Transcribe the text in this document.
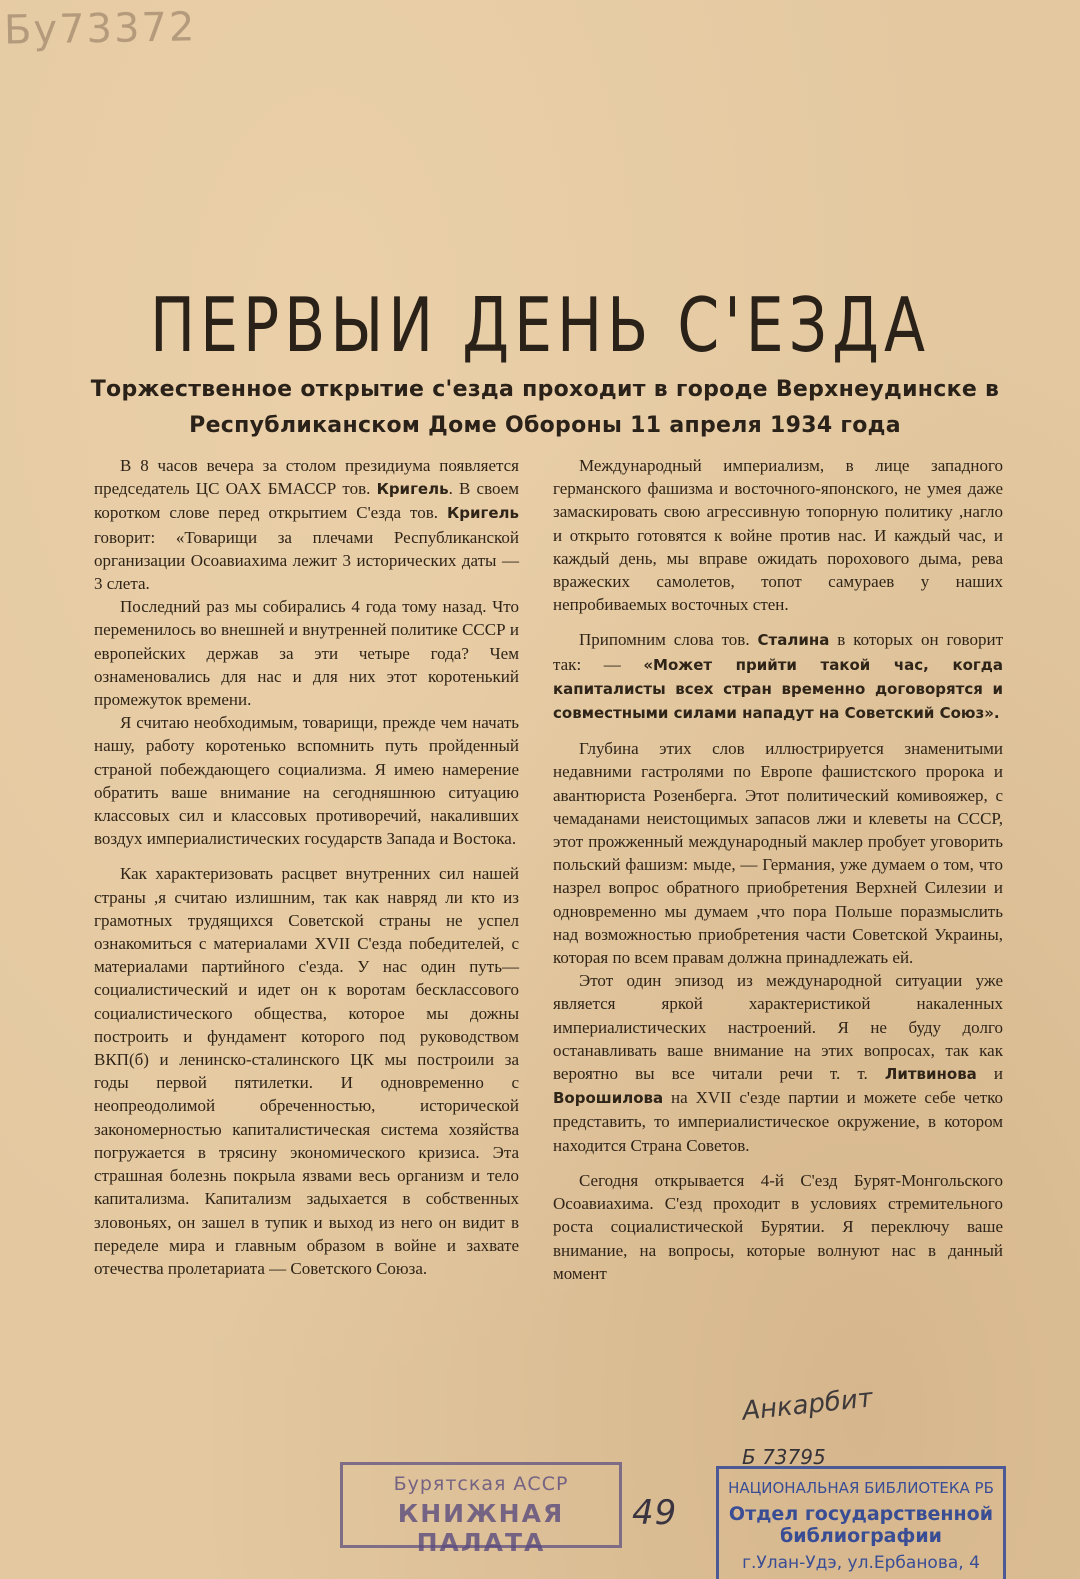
Бу73372
ПЕРВЫИ ДЕНЬ С'ЕЗДА
Торжественное открытие с'езда проходит в городе Верхнеудинске в
Республиканском Доме Обороны 11 апреля 1934 года

В 8 часов вечера за столом президиума появляется председатель ЦС ОАХ БМАССР тов. Кригель. В своем коротком слове перед открытием С'езда тов. Кригель говорит: «Товарищи за плечами Республиканской организации Осоавиахима лежит 3 исторических даты — 3 слета.

Последний раз мы собирались 4 года тому назад. Что переменилось во внешней и внутренней политике СССР и европейских держав за эти четыре года? Чем ознаменовались для нас и для них этот коротенький промежуток времени.

Я считаю необходимым, товарищи, прежде чем начать нашу, работу коротенько вспомнить путь пройденный страной побеждающего социализма. Я имею намерение обратить ваше внимание на сегодняшнюю ситуацию классовых сил и классовых противоречий, накаливших воздух империалистических государств Запада и Востока.

Как характеризовать расцвет внутренних сил нашей страны ,я считаю излишним, так как навряд ли кто из грамотных трудящихся Советской страны не успел ознакомиться с материалами XVII С'езда победителей, с материалами партийного с'езда. У нас один путь—социалистический и идет он к воротам бесклассового социалистического общества, которое мы дожны построить и фундамент которого под руководством ВКП(б) и ленинско-сталинского ЦК мы построили за годы первой пятилетки. И одновременно с неопреодолимой обреченностью, исторической закономерностью капиталистическая система хозяйства погружается в трясину экономического кризиса. Эта страшная болезнь покрыла язвами весь организм и тело капитализма. Капитализм задыхается в собственных зловоньях, он зашел в тупик и выход из него он видит в переделе мира и главным образом в войне и захвате отечества пролетариата — Советского Союза.

Международный империализм, в лице западного германского фашизма и восточного-японского, не умея даже замаскировать свою агрессивную топорную политику ,нагло и открыто готовятся к войне против нас. И каждый час, и каждый день, мы вправе ожидать порохового дыма, рева вражеских самолетов, топот самураев у наших непробиваемых восточных стен.

Припомним слова тов. Сталина в которых он говорит так: — «Может прийти такой час, когда капиталисты всех стран временно договорятся и совместными силами нападут на Советский Союз».

Глубина этих слов иллюстрируется знаменитыми недавними гастролями по Европе фашистского пророка и авантюриста Розенберга. Этот политический комивояжер, с чемаданами неистощимых запасов лжи и клеветы на СССР, этот прожженный международный маклер пробует уговорить польский фашизм: мыде, — Германия, уже думаем о том, что назрел вопрос обратного приобретения Верхней Силезии и одновременно мы думаем ,что пора Польше поразмыслить над возможностью приобретения части Советской Украины, которая по всем правам должна принадлежать ей.

Этот один эпизод из международной ситуации уже является яркой характеристикой накаленных империалистических настроений. Я не буду долго останавливать ваше внимание на этих вопросах, так как вероятно вы все читали речи т. т. Литвинова и Ворошилова на XVII с'езде партии и можете себе четко представить, то империалистическое окружение, в котором находится Страна Советов.

Сегодня открывается 4-й С'езд Бурят-Монгольского Осоавиахима. С'езд проходит в условиях стремительного роста социалистической Бурятии. Я переключу ваше внимание, на вопросы, которые волнуют нас в данный момент

Анкарбит
Б 73795
Бурятская АССР
КНИЖНАЯ ПАЛАТА
49
НАЦИОНАЛЬНАЯ БИБЛИОТЕКА РБ
Отдел государственной
библиографии
г.Улан-Удэ, ул.Ербанова, 4
